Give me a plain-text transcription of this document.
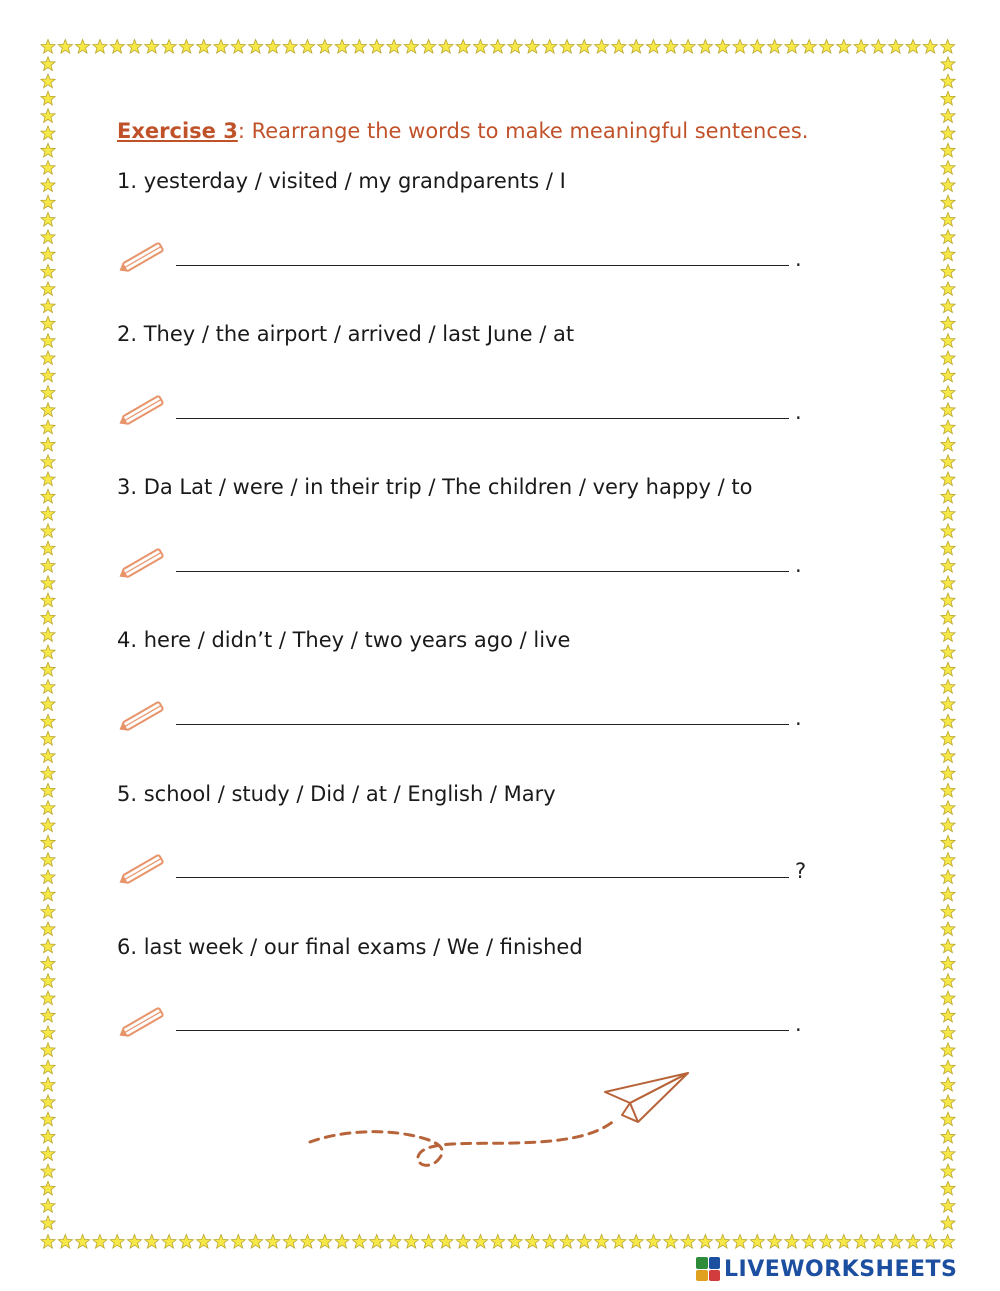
Exercise 3: Rearrange the words to make meaningful sentences.
1. yesterday / visited / my grandparents / I
.
2. They / the airport / arrived / last June / at
.
3. Da Lat / were / in their trip / The children / very happy / to
.
4. here / didn’t / They / two years ago / live
.
5. school / study / Did / at / English / Mary
?
6. last week / our final exams / We / finished
.
LIVEWORKSHEETS
